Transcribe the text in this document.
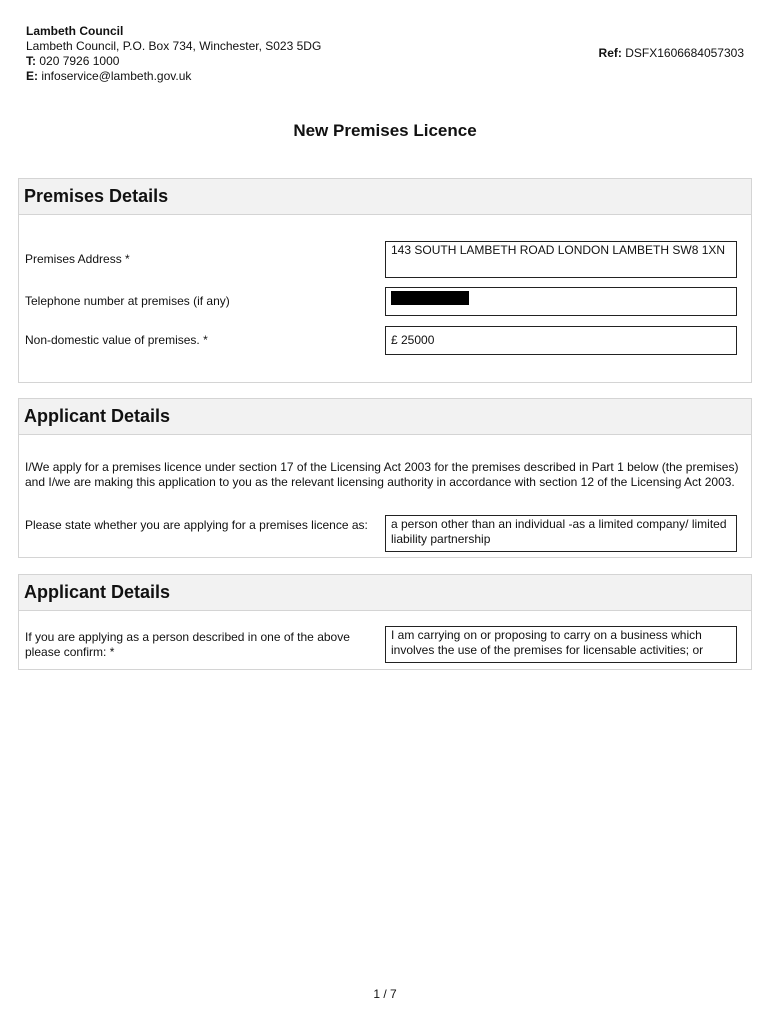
Lambeth Council
Lambeth Council, P.O. Box 734, Winchester, S023 5DG
T: 020 7926 1000
E: infoservice@lambeth.gov.uk
Ref: DSFX1606684057303
New Premises Licence
Premises Details
Premises Address *
143 SOUTH LAMBETH ROAD LONDON LAMBETH SW8 1XN
Telephone number at premises (if any)
Non-domestic value of premises. *	£ 25000
Applicant Details
I/We apply for a premises licence under section 17 of the Licensing Act 2003 for the premises described in Part 1 below (the premises) and I/we are making this application to you as the relevant licensing authority in accordance with section 12 of the Licensing Act 2003.
Please state whether you are applying for a premises licence as:	a person other than an individual -as a limited company/ limited liability partnership
Applicant Details
If you are applying as a person described in one of the above please confirm: *
I am carrying on or proposing to carry on a business which involves the use of the premises for licensable activities; or
1 / 7
